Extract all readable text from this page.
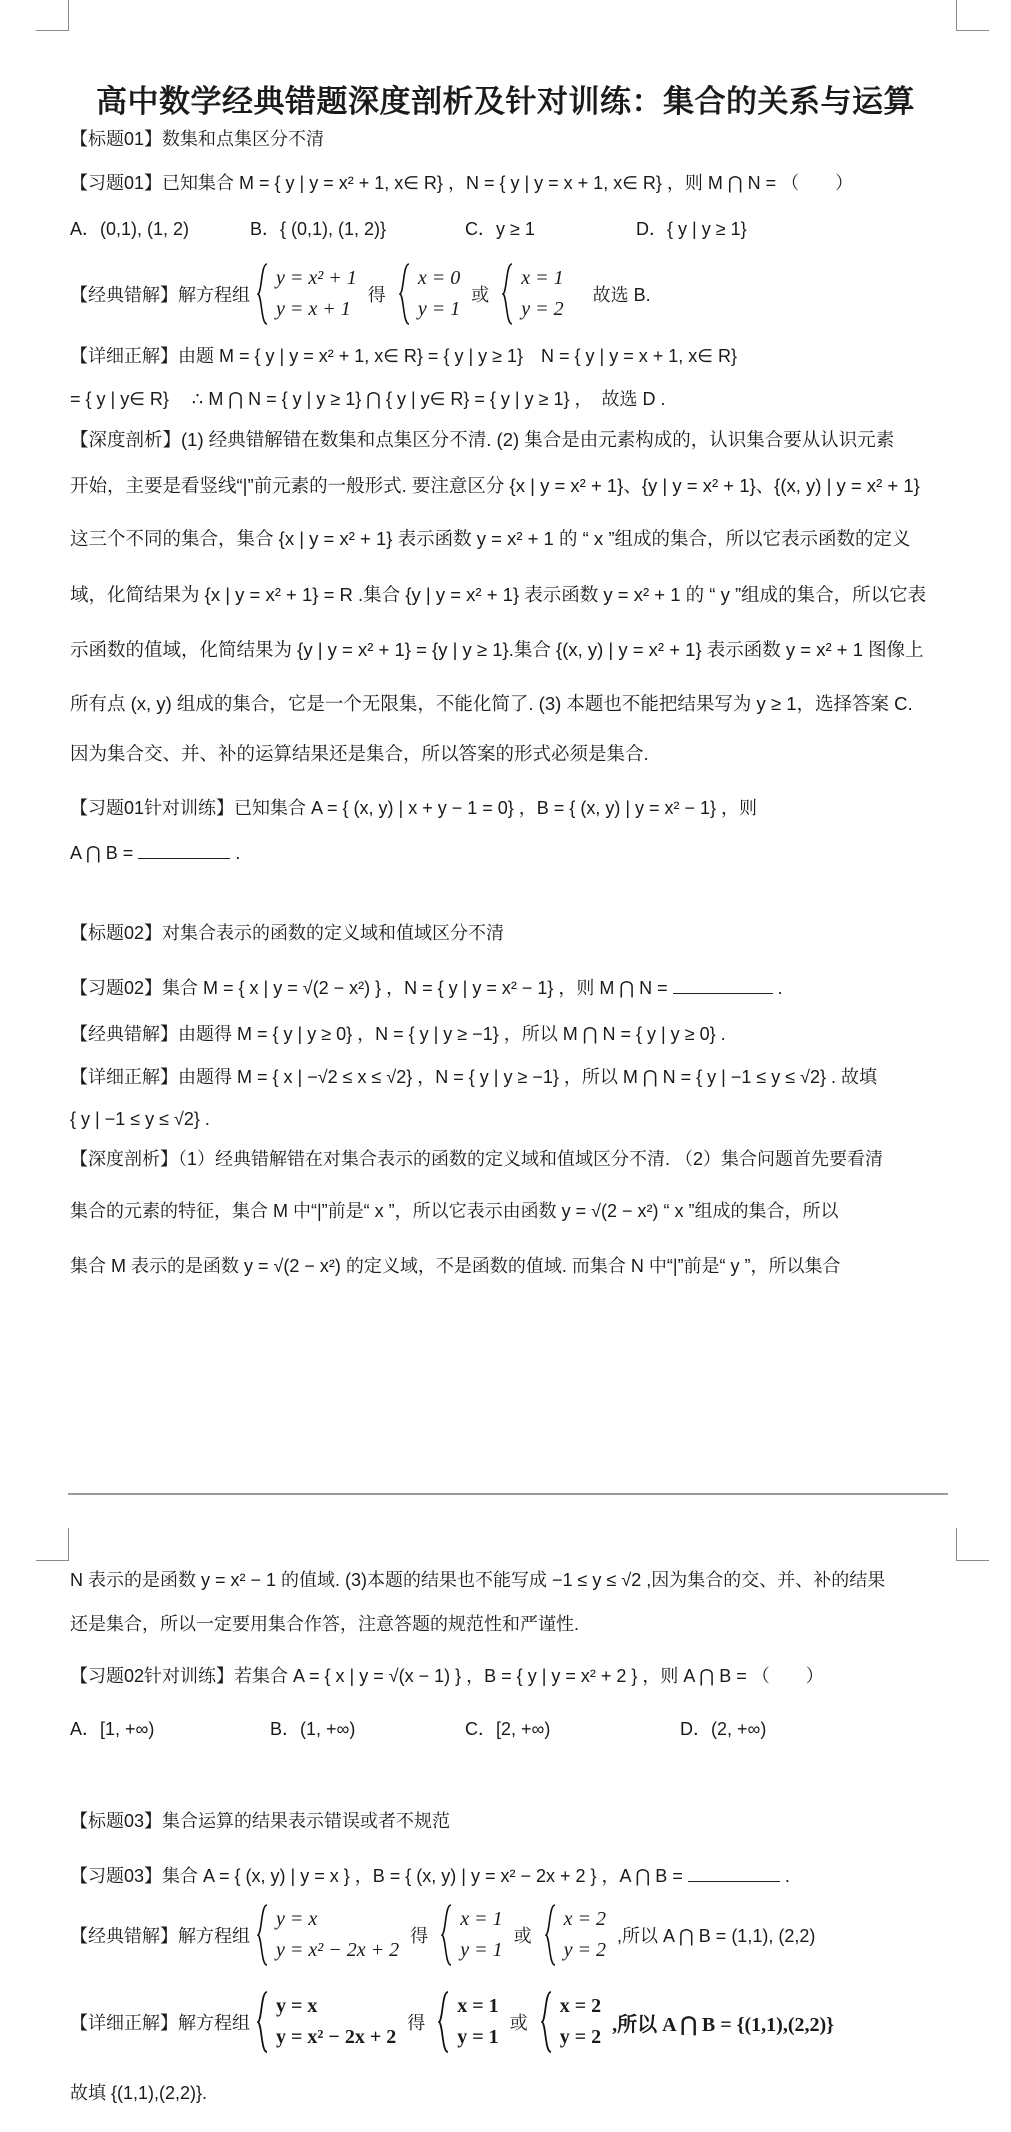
高中数学经典错题深度剖析及针对训练：集合的关系与运算
【标题01】数集和点集区分不清
【习题01】已知集合 M = { y | y = x² + 1, x∈ R} ，N = { y | y = x + 1, x∈ R} ，则 M ⋂ N = （　　）
A．(0,1), (1, 2)	B．{ (0,1), (1, 2)}	C．y ≥ 1	D．{ y | y ≥ 1}
【经典错解】解方程组
y = x² + 1
y = x + 1
得
x = 0
y = 1
或
x = 1
y = 2
故选 B.
【详细正解】由题 M = { y | y = x² + 1, x∈ R} = { y | y ≥ 1}　N = { y | y = x + 1, x∈ R}
= { y | y∈ R}　 ∴ M ⋂ N = { y | y ≥ 1} ⋂ { y | y∈ R} = { y | y ≥ 1} ，　故选 D .
【深度剖析】(1) 经典错解错在数集和点集区分不清. (2) 集合是由元素构成的，认识集合要从认识元素
开始，主要是看竖线“|”前元素的一般形式. 要注意区分 {x | y = x² + 1}、{y | y = x² + 1}、{(x, y) | y = x² + 1}
这三个不同的集合，集合 {x | y = x² + 1} 表示函数 y = x² + 1 的 “ x ”组成的集合，所以它表示函数的定义
域，化简结果为 {x | y = x² + 1} = R .集合 {y | y = x² + 1} 表示函数 y = x² + 1 的 “ y ”组成的集合，所以它表
示函数的值域，化简结果为 {y | y = x² + 1} = {y | y ≥ 1}.集合 {(x, y) | y = x² + 1} 表示函数 y = x² + 1 图像上
所有点 (x, y) 组成的集合，它是一个无限集，不能化简了. (3) 本题也不能把结果写为 y ≥ 1，选择答案 C.
因为集合交、并、补的运算结果还是集合，所以答案的形式必须是集合.
【习题01针对训练】已知集合 A = { (x, y) | x + y − 1 = 0} ，B = { (x, y) | y = x² − 1} ，则
A ⋂ B =	.
【标题02】对集合表示的函数的定义域和值域区分不清
【习题02】集合 M = { x | y = √(2 − x²) } ，N = { y | y = x² − 1} ，则 M ⋂ N =	.
【经典错解】由题得 M = { y | y ≥ 0} ，N = { y | y ≥ −1} ，所以 M ⋂ N = { y | y ≥ 0} .
【详细正解】由题得 M = { x | −√2 ≤ x ≤ √2} ，N = { y | y ≥ −1} ，所以 M ⋂ N = { y | −1 ≤ y ≤ √2} . 故填
{ y | −1 ≤ y ≤ √2} .
【深度剖析】（1）经典错解错在对集合表示的函数的定义域和值域区分不清. （2）集合问题首先要看清
集合的元素的特征，集合 M 中“|”前是“ x ”，所以它表示由函数 y = √(2 − x²) “ x ”组成的集合，所以
集合 M 表示的是函数 y = √(2 − x²) 的定义域，不是函数的值域. 而集合 N 中“|”前是“ y ”，所以集合
N 表示的是函数 y = x² − 1 的值域. (3)本题的结果也不能写成 −1 ≤ y ≤ √2 ,因为集合的交、并、补的结果
还是集合，所以一定要用集合作答，注意答题的规范性和严谨性.
【习题02针对训练】若集合 A = { x | y = √(x − 1) } ，B = { y | y = x² + 2 } ，则 A ⋂ B = （　　）
A．[1, +∞)	B．(1, +∞)	C．[2, +∞)	D．(2, +∞)
【标题03】集合运算的结果表示错误或者不规范
【习题03】集合 A = { (x, y) | y = x } ，B = { (x, y) | y = x² − 2x + 2 } ，A ⋂ B =	.
【经典错解】解方程组
y = x
y = x² − 2x + 2
得
x = 1
y = 1
或
x = 2
y = 2
,所以 A ⋂ B = (1,1), (2,2)
【详细正解】解方程组
y = x
y = x² − 2x + 2
得
x = 1
y = 1
或
x = 2
y = 2
,所以 A ⋂ B = {(1,1),(2,2)}
故填 {(1,1),(2,2)}.
